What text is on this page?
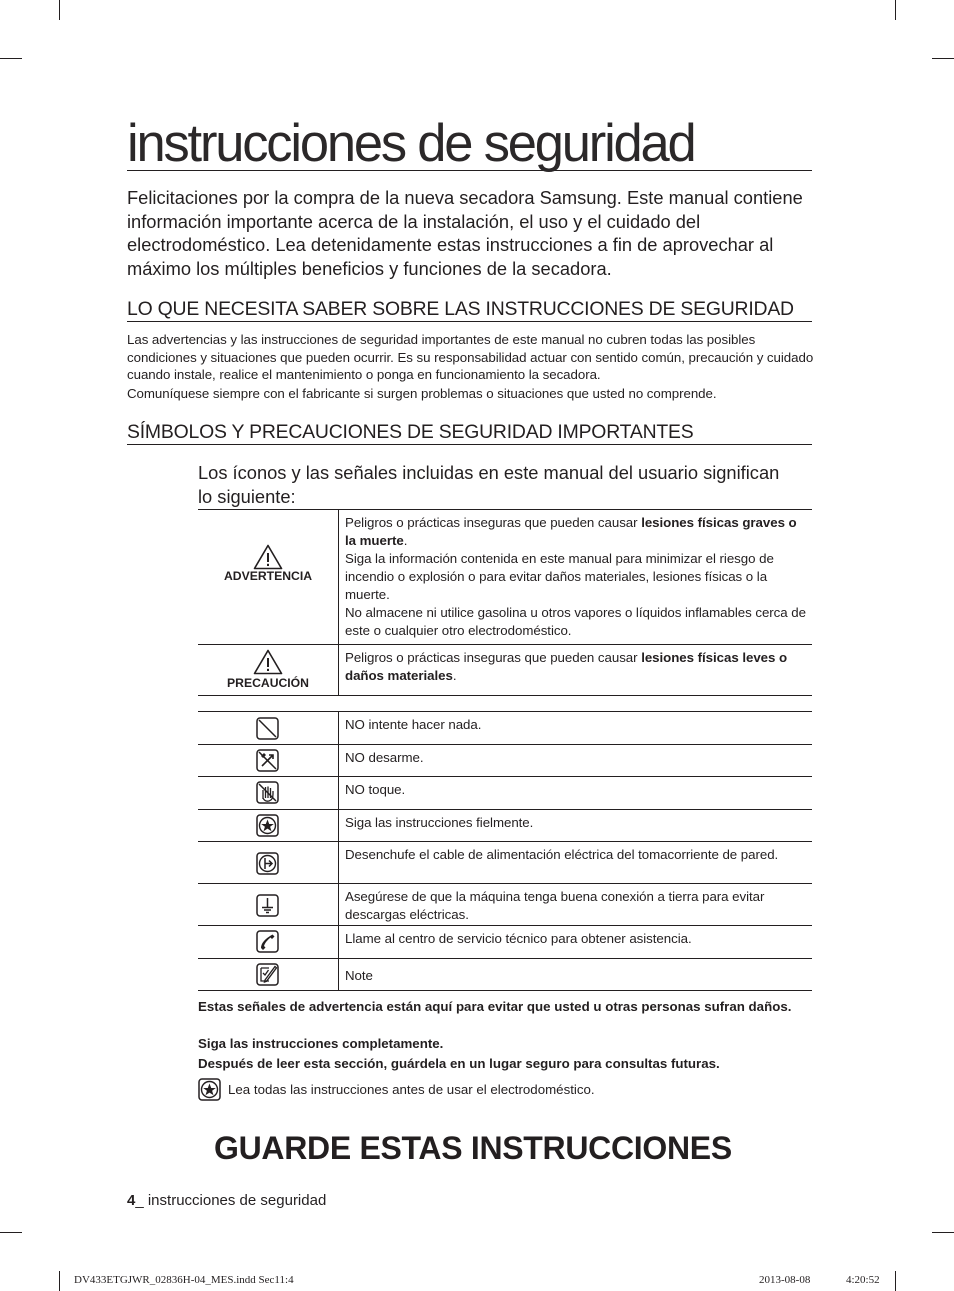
instrucciones de seguridad
Felicitaciones por la compra de la nueva secadora Samsung. Este manual contiene información importante acerca de la instalación, el uso y el cuidado del electrodoméstico. Lea detenidamente estas instrucciones a fin de aprovechar al máximo los múltiples beneficios y funciones de la secadora.
LO QUE NECESITA SABER SOBRE LAS INSTRUCCIONES DE SEGURIDAD
Las advertencias y las instrucciones de seguridad importantes de este manual no cubren todas las posibles condiciones y situaciones que pueden ocurrir. Es su responsabilidad actuar con sentido común, precaución y cuidado cuando instale, realice el mantenimiento o ponga en funcionamiento la secadora.
Comuníquese siempre con el fabricante si surgen problemas o situaciones que usted no comprende.
SÍMBOLOS Y PRECAUCIONES DE SEGURIDAD IMPORTANTES
Los íconos y las señales incluidas en este manual del usuario significan lo siguiente:
ADVERTENCIA
Peligros o prácticas inseguras que pueden causar lesiones físicas graves o la muerte.
Siga la información contenida en este manual para minimizar el riesgo de incendio o explosión o para evitar daños materiales, lesiones físicas o la muerte.
No almacene ni utilice gasolina u otros vapores o líquidos inflamables cerca de este o cualquier otro electrodoméstico.
PRECAUCIÓN
Peligros o prácticas inseguras que pueden causar lesiones físicas leves o daños materiales.
NO intente hacer nada.
NO desarme.
NO toque.
Siga las instrucciones fielmente.
Desenchufe el cable de alimentación eléctrica del tomacorriente de pared.
Asegúrese de que la máquina tenga buena conexión a tierra para evitar descargas eléctricas.
Llame al centro de servicio técnico para obtener asistencia.
Note
Estas señales de advertencia están aquí para evitar que usted u otras personas sufran daños.
Siga las instrucciones completamente.
Después de leer esta sección, guárdela en un lugar seguro para consultas futuras.
Lea todas las instrucciones antes de usar el electrodoméstico.
GUARDE ESTAS INSTRUCCIONES
4_ instrucciones de seguridad
DV433ETGJWR_02836H-04_MES.indd Sec11:4	2013-08-08	4:20:52
